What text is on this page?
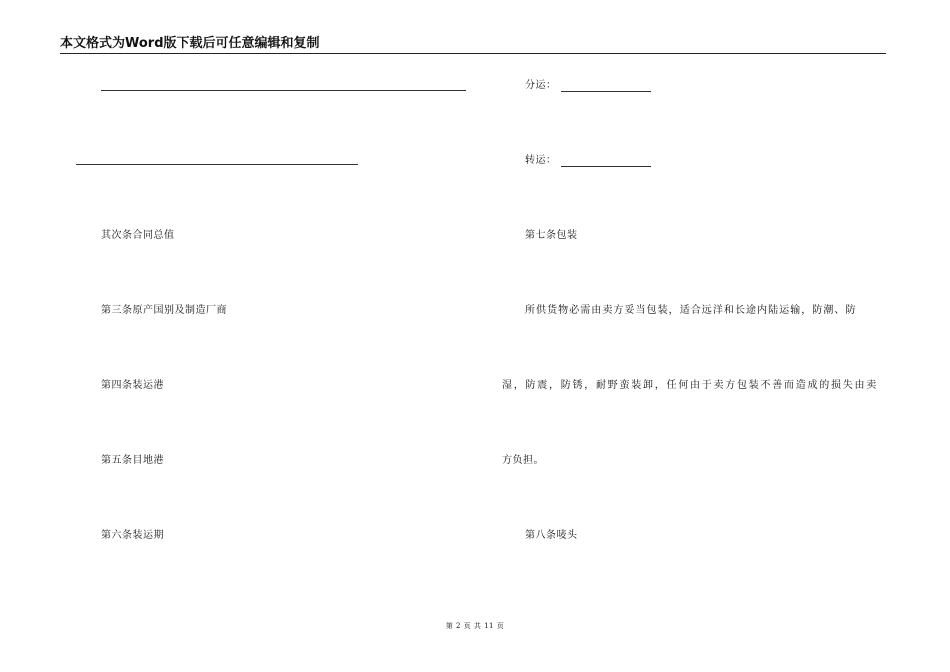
本文格式为Word版下载后可任意编辑和复制
其次条合同总值
第三条原产国别及制造厂商
第四条装运港
第五条目地港
第六条装运期
分运：
转运：
第七条包装
所供货物必需由卖方妥当包装，适合远洋和长途内陆运输，防潮、防
湿，防震，防锈，耐野蛮装卸，任何由于卖方包装不善而造成的损失由卖
方负担。
第八条唛头
第 2 页 共 11 页
